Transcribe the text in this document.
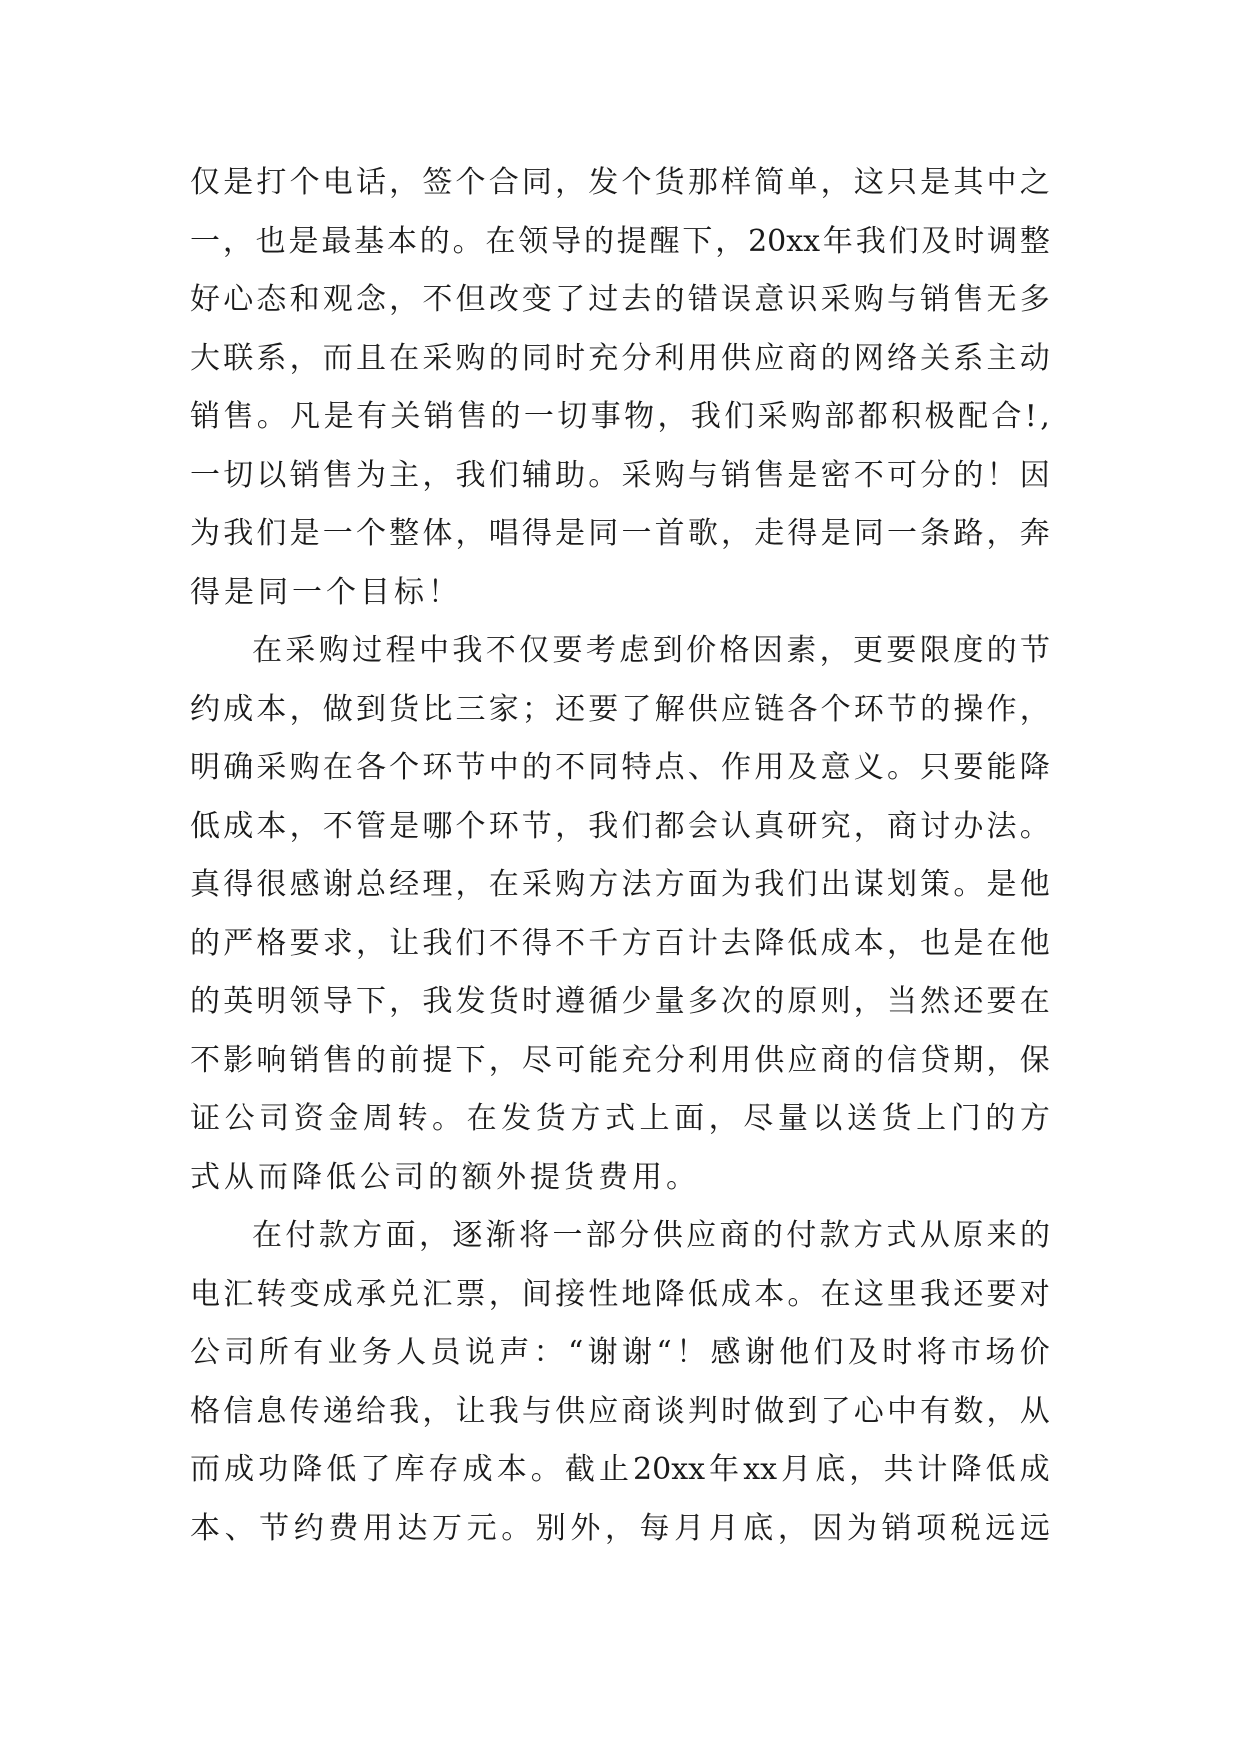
仅 是 打 个 电 话 ， 签 个 合 同 ， 发 个 货 那 样 简 单 ， 这 只 是 其 中 之
一 ， 也 是 最 基 本 的 。 在 领 导 的 提 醒 下 ， 20xx 年 我 们 及 时 调 整
好 心 态 和 观 念 ， 不 但 改 变 了 过 去 的 错 误 意 识 采 购 与 销 售 无 多
大 联 系 ， 而 且 在 采 购 的 同 时 充 分 利 用 供 应 商 的 网 络 关 系 主 动
销 售 。 凡 是 有 关 销 售 的 一 切 事 物 ， 我 们 采 购 部 都 积 极 配 合 ! ,
一 切 以 销 售 为 主 ， 我 们 辅 助 。 采 购 与 销 售 是 密 不 可 分 的 ！ 因
为 我 们 是 一 个 整 体 ， 唱 得 是 同 一 首 歌 ， 走 得 是 同 一 条 路 ， 奔
得是同一个目标！
在 采 购 过 程 中 我 不 仅 要 考 虑 到 价 格 因 素 ， 更 要 限 度 的 节
约 成 本 ， 做 到 货 比 三 家 ； 还 要 了 解 供 应 链 各 个 环 节 的 操 作 ，
明 确 采 购 在 各 个 环 节 中 的 不 同 特 点 、 作 用 及 意 义 。 只 要 能 降
低 成 本 ， 不 管 是 哪 个 环 节 ， 我 们 都 会 认 真 研 究 ， 商 讨 办 法 。
真 得 很 感 谢 总 经 理 ， 在 采 购 方 法 方 面 为 我 们 出 谋 划 策 。 是 他
的 严 格 要 求 ， 让 我 们 不 得 不 千 方 百 计 去 降 低 成 本 ， 也 是 在 他
的 英 明 领 导 下 ， 我 发 货 时 遵 循 少 量 多 次 的 原 则 ， 当 然 还 要 在
不 影 响 销 售 的 前 提 下 ， 尽 可 能 充 分 利 用 供 应 商 的 信 贷 期 ， 保
证 公 司 资 金 周 转 。 在 发 货 方 式 上 面 ， 尽 量 以 送 货 上 门 的 方
式从而降低公司的额外提货费用。
在 付 款 方 面 ， 逐 渐 将 一 部 分 供 应 商 的 付 款 方 式 从 原 来 的
电 汇 转 变 成 承 兑 汇 票 ， 间 接 性 地 降 低 成 本 。 在 这 里 我 还 要 对
公 司 所 有 业 务 人 员 说 声 ： “ 谢 谢 “ ！ 感 谢 他 们 及 时 将 市 场 价
格 信 息 传 递 给 我 ， 让 我 与 供 应 商 谈 判 时 做 到 了 心 中 有 数 ， 从
而 成 功 降 低 了 库 存 成 本 。 截 止 20xx 年 xx 月 底 ， 共 计 降 低 成
本 、 节 约 费 用 达 万 元 。 别 外 ， 每 月 月 底 ， 因 为 销 项 税 远 远
